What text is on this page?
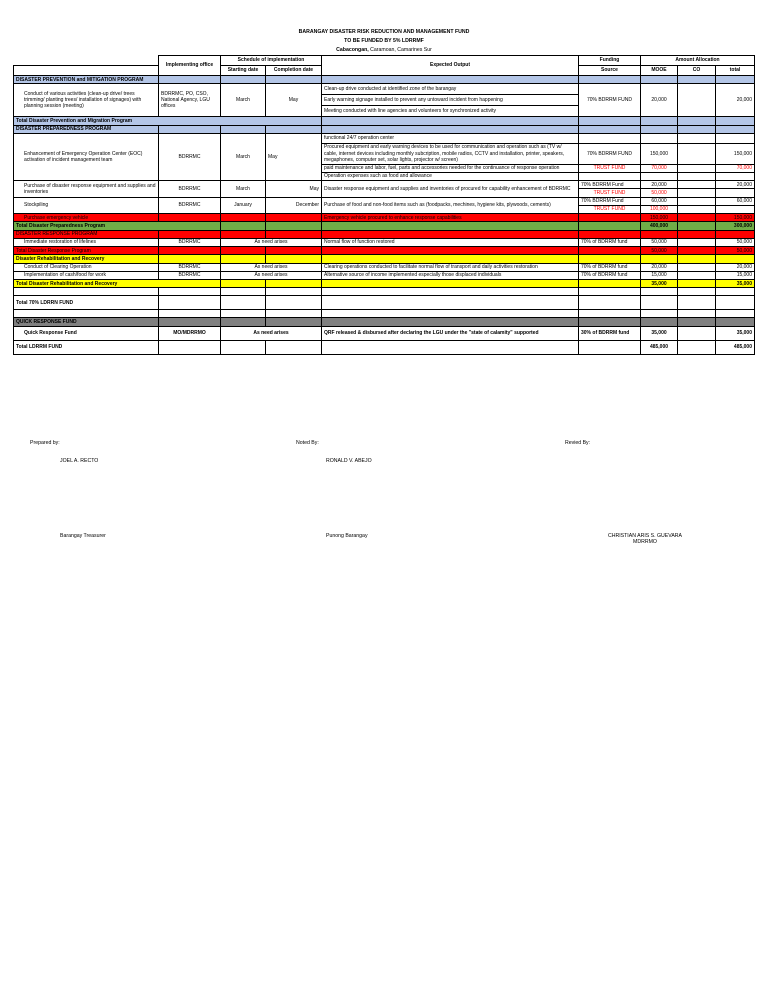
BARANGAY DISASTER RISK REDUCTION AND MANAGEMENT FUND
TO BE FUNDED BY 5% LDRRMF
Cabacongan, Caramoan, Camarines Sur
	Implementing office	Schedule of implementation		Expected Output	Funding	Amount Allocation		
		Starting date	Completion date		Source	MOOE	CO	total
DISASTER PREVENTION and MITIGATION PROGRAM								
Conduct of various activities (clean-up drive/ trees trimming/ planting trees/ installation of signages) with planning session (meeting)	BDRRMC, PO, CSO, National Agency, LGU offices	March	May	Clean-up drive conducted at identified zone of the barangay	70% BDRRM FUND	20,000		20,000
				Early warning signage installed to prevent any untoward incident from happening				
				Meeting conducted with line agencies and volunteers for synchronized activity				
Total Disaster Prevention and Migration Program								
DISASTER PREPAREDNESS PROGRAM								
Enhancement of Emergency Operation Center (EOC) activation of incident management team	BDRRMC	March	May	functional 24/7 operation center				
				Procured equipment and early warning devices to be used for communication and operation such as (TV w/ cable, internet devices including monthly subcription, mobile radios, CCTV and installation, printer, speakers, megaphones, computer set, solar lights, projector w/ screen)	70% BDRRM FUND	150,000		150,000
				paid maintenance and labor, fuel, parts and accessories needed for the continuance of response operation	TRUST FUND	70,000		70,000
				Operation expenses such as food and allowance				
Purchase of disaster response equipment and supplies and inventories	BDRRMC	March	May	Disaster response equipment and supplies and inventories of procured for capability enhancement of BDRRMC	70% BDRRM Fund	20,000		20,000
					TRUST FUND	50,000		
Stockpiling	BDRRMC	January	December	Purchase of food and non-food items such as (foodpacks, mechines, hygiene kits, plywoods, cements)	70% BDRRM Fund	60,000		60,000
					TRUST FUND	100,000		
Purchase emergency vehicle				Emergency vehicle procured to enhance response capabilities		150,000		150,000
Total Disaster Preparedness Program						400,000		300,000
DISASTER RESPONSE PROGRAM								
Immediate restoration of lifelines	BDRRMC	As need arises		Normal flow of function restored	70% of BDRRM fund	50,000		50,000
Total Disaster Response Program						50,000		50,000
Disaster Rehabilitation and Recovery								
Conduct of Clearing Operation	BDRRMC	As need arises		Clearing operations conducted to facilitate normal flow of transport and daily activities restoration	70% of BDRRM fund	20,000		20,000
Implementation of cash/food for work	BDRRMC	As need arises		Alternative source of income implemented especially those displaced individuals	70% of BDRRM fund	15,000		15,000
Total Disaster Rehabilitation and Recovery						35,000		35,000

Total 70% LDRRN FUND								

QUICK RESPONSE FUND								
Quick Response Fund	MO/MDRRMO	As need arises		QRF released & disbursed after declaring the LGU under the "state of calamity" supported	30% of BDRRM fund	35,000		35,000
Total LDRRM FUND						485,000		485,000
Prepared by:	Noted By:	Revied By:
JOEL A. RECTO	RONALD V. ABEJO
Barangay Treasurer	Punong Barangay	CHRISTIAN ARIS S. GUEVARA
MDRRMO
